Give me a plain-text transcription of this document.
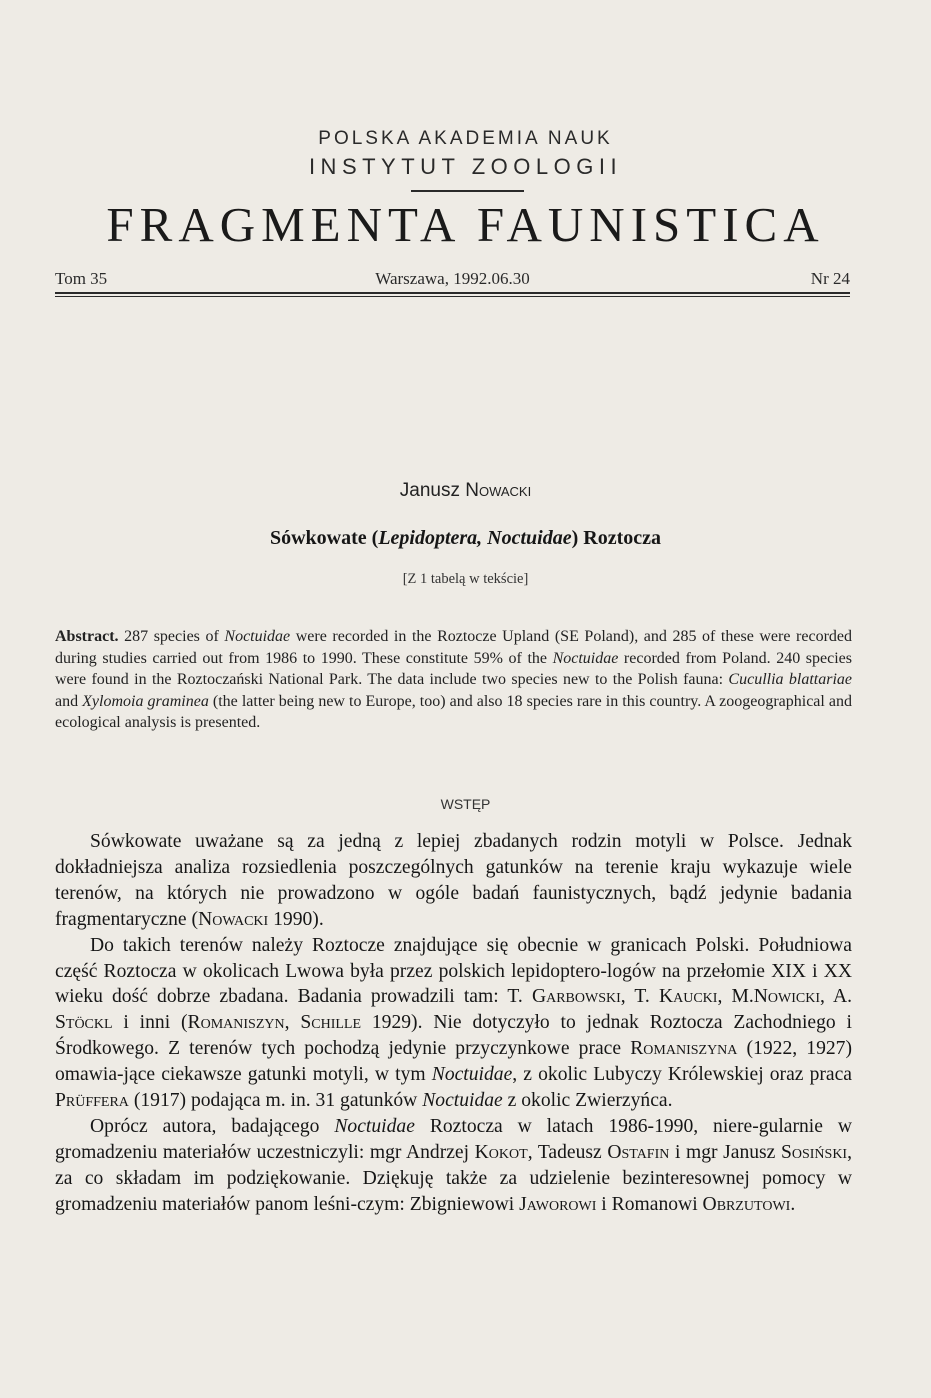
POLSKA AKADEMIA NAUK
INSTYTUT ZOOLOGII
FRAGMENTA FAUNISTICA
Tom 35	Warszawa, 1992.06.30	Nr 24
Janusz Nowacki
Sówkowate (Lepidoptera, Noctuidae) Roztocza
[Z 1 tabelą w tekście]
Abstract. 287 species of Noctuidae were recorded in the Roztocze Upland (SE Poland), and 285 of these were recorded during studies carried out from 1986 to 1990. These constitute 59% of the Noctuidae recorded from Poland. 240 species were found in the Roztoczański National Park. The data include two species new to the Polish fauna: Cucullia blattariae and Xylomoia graminea (the latter being new to Europe, too) and also 18 species rare in this country. A zoogeographical and ecological analysis is presented.
WSTĘP

Sówkowate uważane są za jedną z lepiej zbadanych rodzin motyli w Polsce. Jednak dokładniejsza analiza rozsiedlenia poszczególnych gatunków na terenie kraju wykazuje wiele terenów, na których nie prowadzono w ogóle badań faunistycznych, bądź jedynie badania fragmentaryczne (Nowacki 1990).

Do takich terenów należy Roztocze znajdujące się obecnie w granicach Polski. Południowa część Roztocza w okolicach Lwowa była przez polskich lepidoptero-logów na przełomie XIX i XX wieku dość dobrze zbadana. Badania prowadzili tam: T. Garbowski, T. Kaucki, M.Nowicki, A. Stöckl i inni (Romaniszyn, Schille 1929). Nie dotyczyło to jednak Roztocza Zachodniego i Środkowego. Z terenów tych pochodzą jedynie przyczynkowe prace Romaniszyna (1922, 1927) omawia-jące ciekawsze gatunki motyli, w tym Noctuidae, z okolic Lubyczy Królewskiej oraz praca Prüffera (1917) podająca m. in. 31 gatunków Noctuidae z okolic Zwierzyńca.

Oprócz autora, badającego Noctuidae Roztocza w latach 1986-1990, niere-gularnie w gromadzeniu materiałów uczestniczyli: mgr Andrzej Kokot, Tadeusz Ostafin i mgr Janusz Sosiński, za co składam im podziękowanie. Dziękuję także za udzielenie bezinteresownej pomocy w gromadzeniu materiałów panom leśni-czym: Zbigniewowi Jaworowi i Romanowi Obrzutowi.
